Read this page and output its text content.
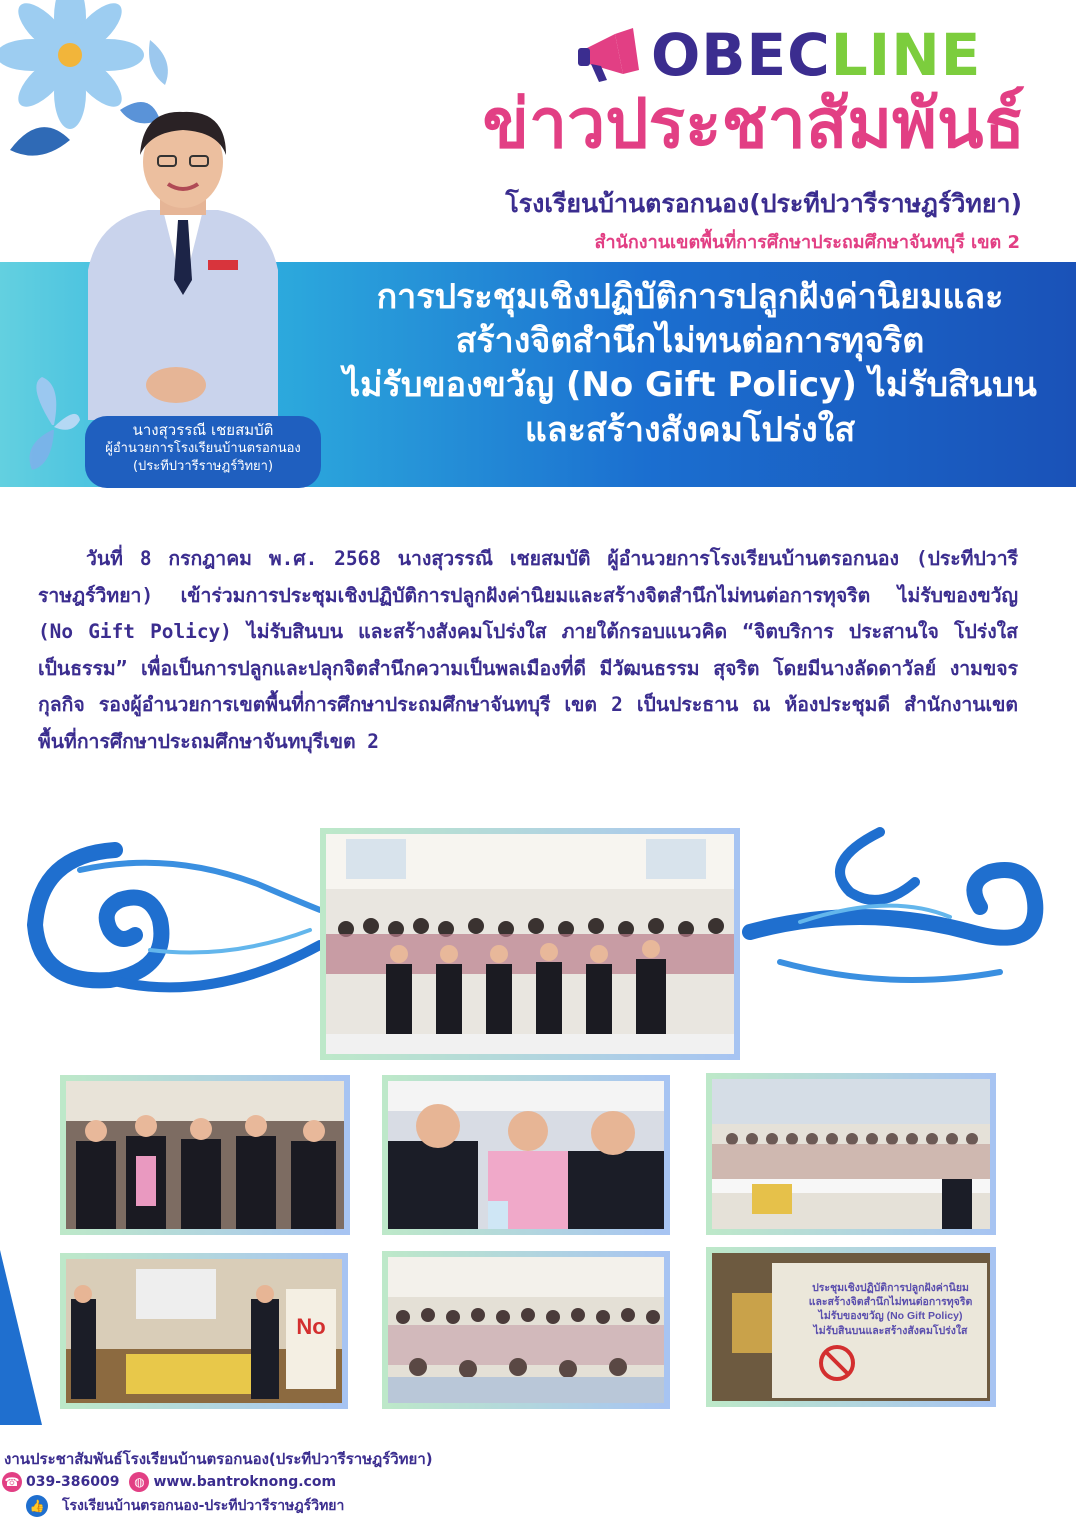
OBEC LINE
ข่าวประชาสัมพันธ์
โรงเรียนบ้านตรอกนอง(ประทีปวารีราษฎร์วิทยา)
สำนักงานเขตพื้นที่การศึกษาประถมศึกษาจันทบุรี เขต 2
การประชุมเชิงปฏิบัติการปลูกฝังค่านิยมและ
สร้างจิตสำนึกไม่ทนต่อการทุจริต
ไม่รับของขวัญ (No Gift Policy) ไม่รับสินบน
และสร้างสังคมโปร่งใส
นางสุวรรณี เชยสมบัติ
ผู้อำนวยการโรงเรียนบ้านตรอกนอง
(ประทีปวารีราษฎร์วิทยา)
วันที่ 8 กรกฎาคม พ.ศ. 2568 นางสุวรรณี เชยสมบัติ ผู้อำนวยการโรงเรียนบ้านตรอกนอง (ประทีปวารีราษฎร์วิทยา) เข้าร่วมการประชุมเชิงปฏิบัติการปลูกฝังค่านิยมและสร้างจิตสำนึกไม่ทนต่อการทุจริต ไม่รับของขวัญ (No Gift Policy) ไม่รับสินบน และสร้างสังคมโปร่งใส ภายใต้กรอบแนวคิด “จิตบริการ ประสานใจ โปร่งใส เป็นธรรม” เพื่อเป็นการปลูกและปลุกจิตสำนึกความเป็นพลเมืองที่ดี มีวัฒนธรรม สุจริต โดยมีนางลัดดาวัลย์ งามขจรกุลกิจ รองผู้อำนวยการเขตพื้นที่การศึกษาประถมศึกษาจันทบุรี เขต 2 เป็นประธาน ณ ห้องประชุมดี สำนักงานเขตพื้นที่การศึกษาประถมศึกษาจันทบุรีเขต 2
No
ประชุมเชิงปฏิบัติการปลูกฝังค่านิยม
และสร้างจิตสำนึกไม่ทนต่อการทุจริต
ไม่รับของขวัญ (No Gift Policy)
ไม่รับสินบนและสร้างสังคมโปร่งใส
งานประชาสัมพันธ์โรงเรียนบ้านตรอกนอง(ประทีปวารีราษฎร์วิทยา)
☎ 039-386009	◍ www.bantroknong.com
👍 โรงเรียนบ้านตรอกนอง-ประทีปวารีราษฎร์วิทยา
